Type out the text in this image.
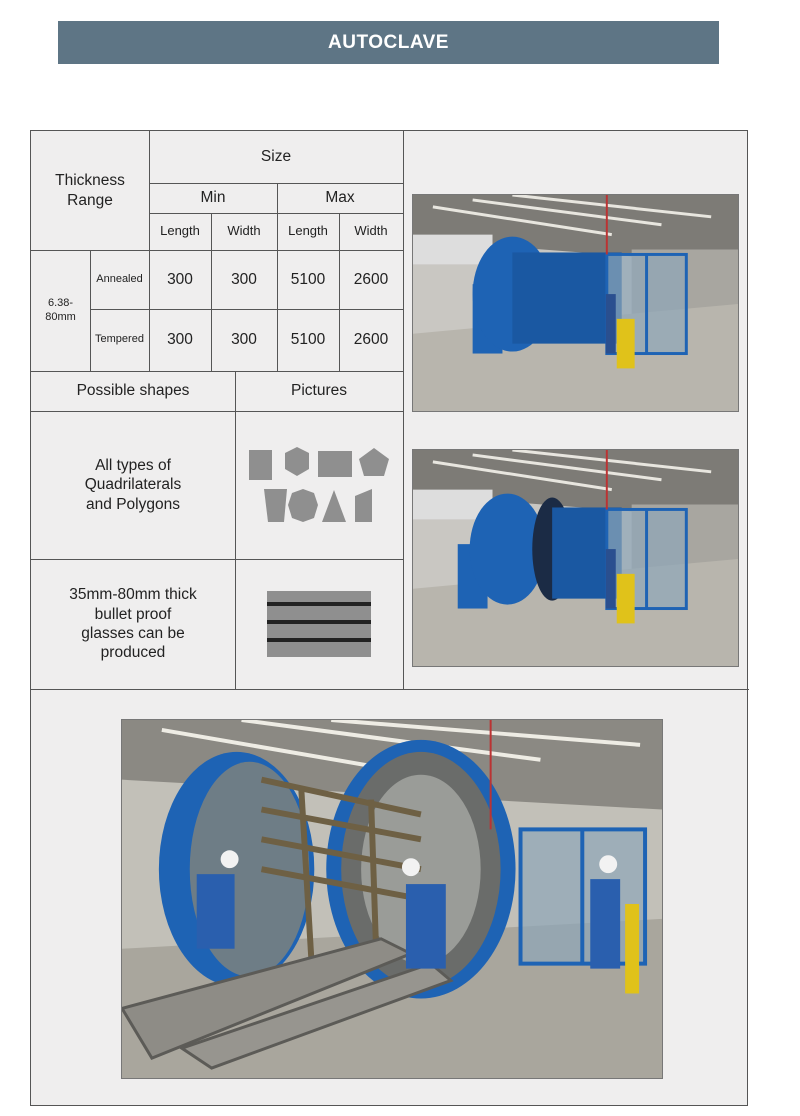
AUTOCLAVE
Thickness Range
Size
Min	Max
Length Width Length Width
6.38-80mm
Annealed 300 300 5100 2600
Tempered 300 300 5100 2600
Possible shapes	Pictures
All types of Quadrilaterals and Polygons
35mm-80mm thick bullet proof glasses can be produced
